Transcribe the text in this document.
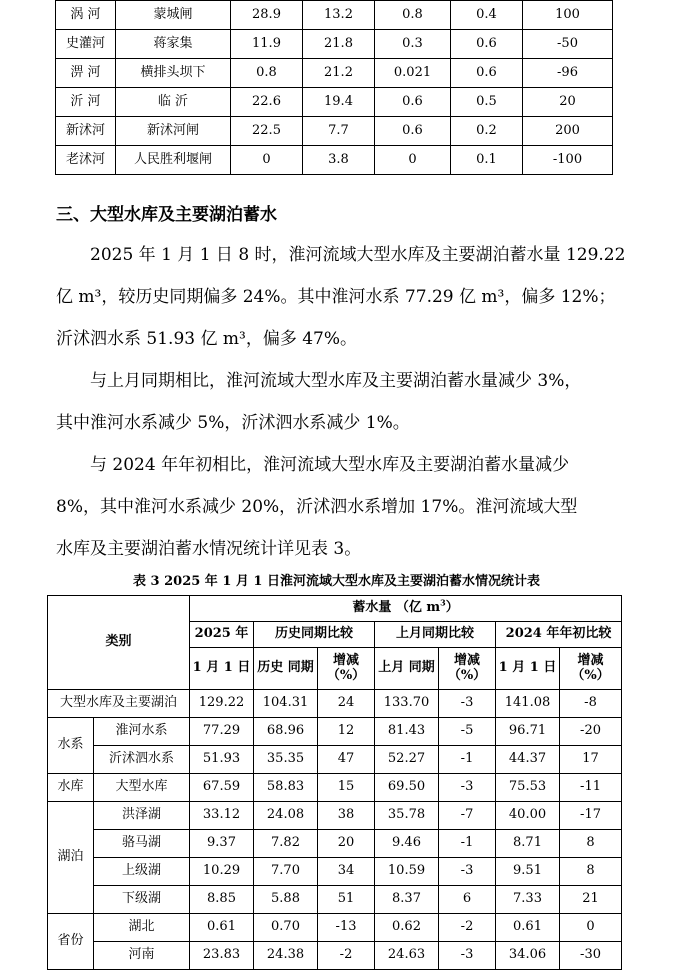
涡 河	蒙城闸	28.9	13.2	0.8	0.4	100
史灌河	蒋家集	11.9	21.8	0.3	0.6	-50
淠 河	横排头坝下	0.8	21.2	0.021	0.6	-96
沂 河	临 沂	22.6	19.4	0.6	0.5	20
新沭河	新沭河闸	22.5	7.7	0.6	0.2	200
老沭河	人民胜利堰闸	0	3.8	0	0.1	-100
三、大型水库及主要湖泊蓄水

2025 年 1 月 1 日 8 时，淮河流域大型水库及主要湖泊蓄水量 129.22
亿 m³，较历史同期偏多 24%。其中淮河水系 77.29 亿 m³，偏多 12%；
沂沭泗水系 51.93 亿 m³，偏多 47%。

与上月同期相比，淮河流域大型水库及主要湖泊蓄水量减少 3%，
其中淮河水系减少 5%，沂沭泗水系减少 1%。

与 2024 年年初相比，淮河流域大型水库及主要湖泊蓄水量减少
8%，其中淮河水系减少 20%，沂沭泗水系增加 17%。淮河流域大型
水库及主要湖泊蓄水情况统计详见表 3。

表 3 2025 年 1 月 1 日淮河流域大型水库及主要湖泊蓄水情况统计表

类别		蓄水量 （亿 $m^3$）						
		2025 年	历史同期比较		上月同期比较		2024 年年初比较	
		1 月 1 日	历史 同期	增减 （%）	上月 同期	增减 （%）	1 月 1 日	增减 （%）
大型水库及主要湖泊		129.22	104.31	24	133.70	-3	141.08	-8
水系	淮河水系	77.29	68.96	12	81.43	-5	96.71	-20
	沂沭泗水系	51.93	35.35	47	52.27	-1	44.37	17
水库	大型水库	67.59	58.83	15	69.50	-3	75.53	-11
湖泊	洪泽湖	33.12	24.08	38	35.78	-7	40.00	-17
	骆马湖	9.37	7.82	20	9.46	-1	8.71	8
	上级湖	10.29	7.70	34	10.59	-3	9.51	8
	下级湖	8.85	5.88	51	8.37	6	7.33	21
省份	湖北	0.61	0.70	-13	0.62	-2	0.61	0
	河南	23.83	24.38	-2	24.63	-3	34.06	-30
